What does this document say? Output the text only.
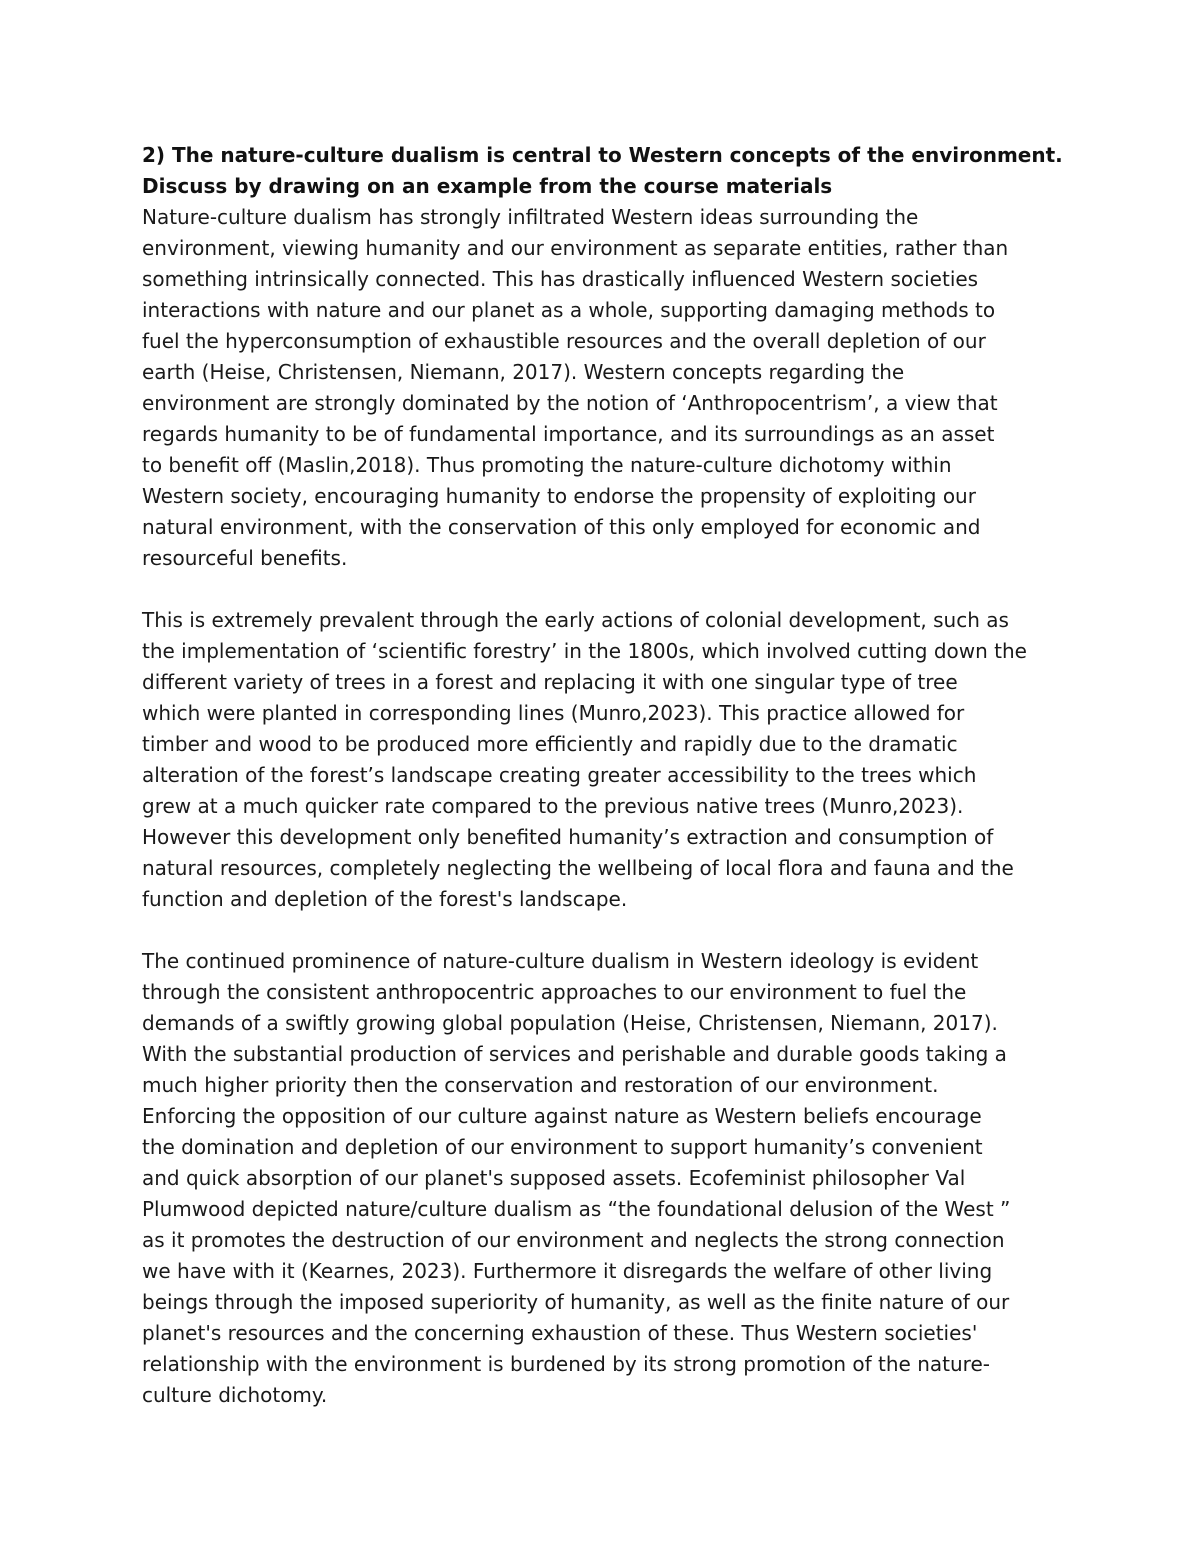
2) The nature-culture dualism is central to Western concepts of the environment.
Discuss by drawing on an example from the course materials
Nature-culture dualism has strongly infiltrated Western ideas surrounding the
environment, viewing humanity and our environment as separate entities, rather than
something intrinsically connected. This has drastically influenced Western societies
interactions with nature and our planet as a whole, supporting damaging methods to
fuel the hyperconsumption of exhaustible resources and the overall depletion of our
earth (Heise, Christensen, Niemann, 2017). Western concepts regarding the
environment are strongly dominated by the notion of ‘Anthropocentrism’, a view that
regards humanity to be of fundamental importance, and its surroundings as an asset
to benefit off (Maslin,2018). Thus promoting the nature-culture dichotomy within
Western society, encouraging humanity to endorse the propensity of exploiting our
natural environment, with the conservation of this only employed for economic and
resourceful benefits.
This is extremely prevalent through the early actions of colonial development, such as
the implementation of ‘scientific forestry’ in the 1800s, which involved cutting down the
different variety of trees in a forest and replacing it with one singular type of tree
which were planted in corresponding lines (Munro,2023). This practice allowed for
timber and wood to be produced more efficiently and rapidly due to the dramatic
alteration of the forest’s landscape creating greater accessibility to the trees which
grew at a much quicker rate compared to the previous native trees (Munro,2023).
However this development only benefited humanity’s extraction and consumption of
natural resources, completely neglecting the wellbeing of local flora and fauna and the
function and depletion of the forest's landscape.
The continued prominence of nature-culture dualism in Western ideology is evident
through the consistent anthropocentric approaches to our environment to fuel the
demands of a swiftly growing global population (Heise, Christensen, Niemann, 2017).
With the substantial production of services and perishable and durable goods taking a
much higher priority then the conservation and restoration of our environment.
Enforcing the opposition of our culture against nature as Western beliefs encourage
the domination and depletion of our environment to support humanity’s convenient
and quick absorption of our planet's supposed assets. Ecofeminist philosopher Val
Plumwood depicted nature/culture dualism as “the foundational delusion of the West ”
as it promotes the destruction of our environment and neglects the strong connection
we have with it (Kearnes, 2023). Furthermore it disregards the welfare of other living
beings through the imposed superiority of humanity, as well as the finite nature of our
planet's resources and the concerning exhaustion of these. Thus Western societies'
relationship with the environment is burdened by its strong promotion of the nature-
culture dichotomy.
